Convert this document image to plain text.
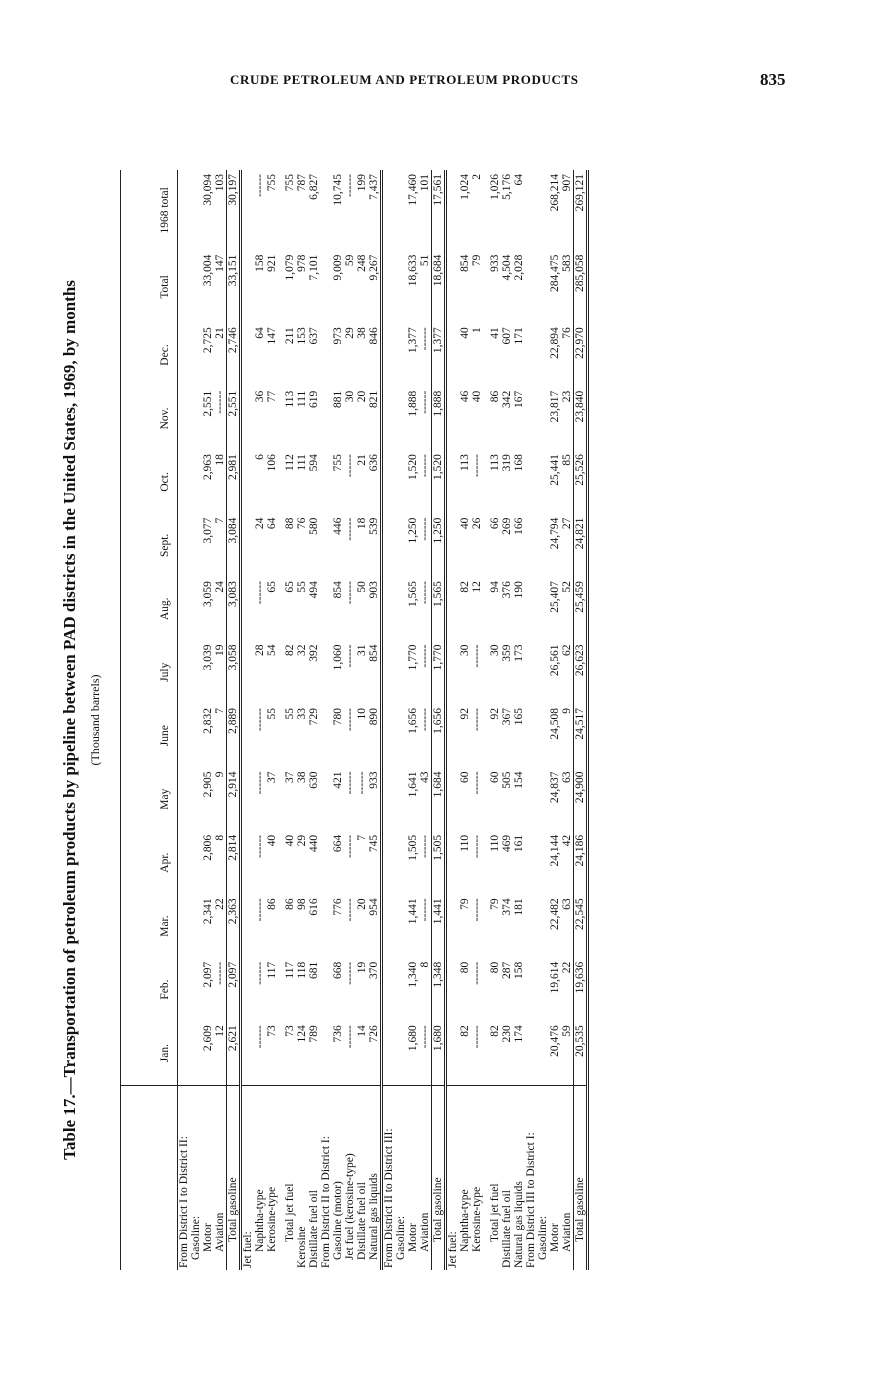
CRUDE PETROLEUM AND PETROLEUM PRODUCTS	835
Table 17.—Transportation of petroleum products by pipeline between PAD districts in the United States, 1969, by months (Thousand barrels)
	Jan.	Feb.	Mar.	Apr.	May	June	July	Aug.	Sept.	Oct.	Nov.	Dec.	Total	1968 total
From District I to District II:														
Gasoline:														
Motor	2,609	2,097	2,341	2,806	2,905	2,832	3,039	3,059	3,077	2,963	2,551	2,725	33,004	30,094
Aviation	12	------	22	8	9	7	19	24	7	18	------	21	147	103
Total gasoline	2,621	2,097	2,363	2,814	2,914	2,889	3,058	3,083	3,084	2,981	2,551	2,746	33,151	30,197
Jet fuel:														
Naphtha-type	------	------	------	------	------	------	28	------	24	6	36	64	158	------
Kerosine-type	73	117	86	40	37	55	54	65	64	106	77	147	921	755

Total jet fuel	73	117	86	40	37	55	82	65	88	112	113	211	1,079	755
Kerosine	124	118	98	29	38	33	32	55	76	111	111	153	978	787
Distillate fuel oil	789	681	616	440	630	729	392	494	580	594	619	637	7,101	6,827
From District II to District I:														
Gasoline (motor)	736	668	776	664	421	780	1,060	854	446	755	881	973	9,009	10,745
Jet fuel (kerosine-type)	------	------	------	------	------	------	------	------	------	------	30	29	59	------
Distillate fuel oil	14	19	20	7	------	10	31	50	18	21	20	38	248	199
Natural gas liquids	726	370	954	745	933	890	854	903	539	636	821	846	9,267	7,437
From District II to District III:														
Gasoline:														
Motor	1,680	1,340	1,441	1,505	1,641	1,656	1,770	1,565	1,250	1,520	1,888	1,377	18,633	17,460
Aviation	------	8	------	------	43	------	------	------	------	------	------	------	51	101
Total gasoline	1,680	1,348	1,441	1,505	1,684	1,656	1,770	1,565	1,250	1,520	1,888	1,377	18,684	17,561
Jet fuel:														
Naphtha-type	82	80	79	110	60	92	30	82	40	113	46	40	854	1,024
Kerosine-type	------	------	------	------	------	------	------	12	26	------	40	1	79	2

Total jet fuel	82	80	79	110	60	92	30	94	66	113	86	41	933	1,026
Distillate fuel oil	230	287	374	469	505	367	359	376	269	319	342	607	4,504	5,176
Natural gas liquids	174	158	181	161	154	165	173	190	166	168	167	171	2,028	64
From District III to District I:														
Gasoline:														
Motor	20,476	19,614	22,482	24,144	24,837	24,508	26,561	25,407	24,794	25,441	23,817	22,894	284,475	268,214
Aviation	59	22	63	42	63	9	62	52	27	85	23	76	583	907
Total gasoline	20,535	19,636	22,545	24,186	24,900	24,517	26,623	25,459	24,821	25,526	23,840	22,970	285,058	269,121
